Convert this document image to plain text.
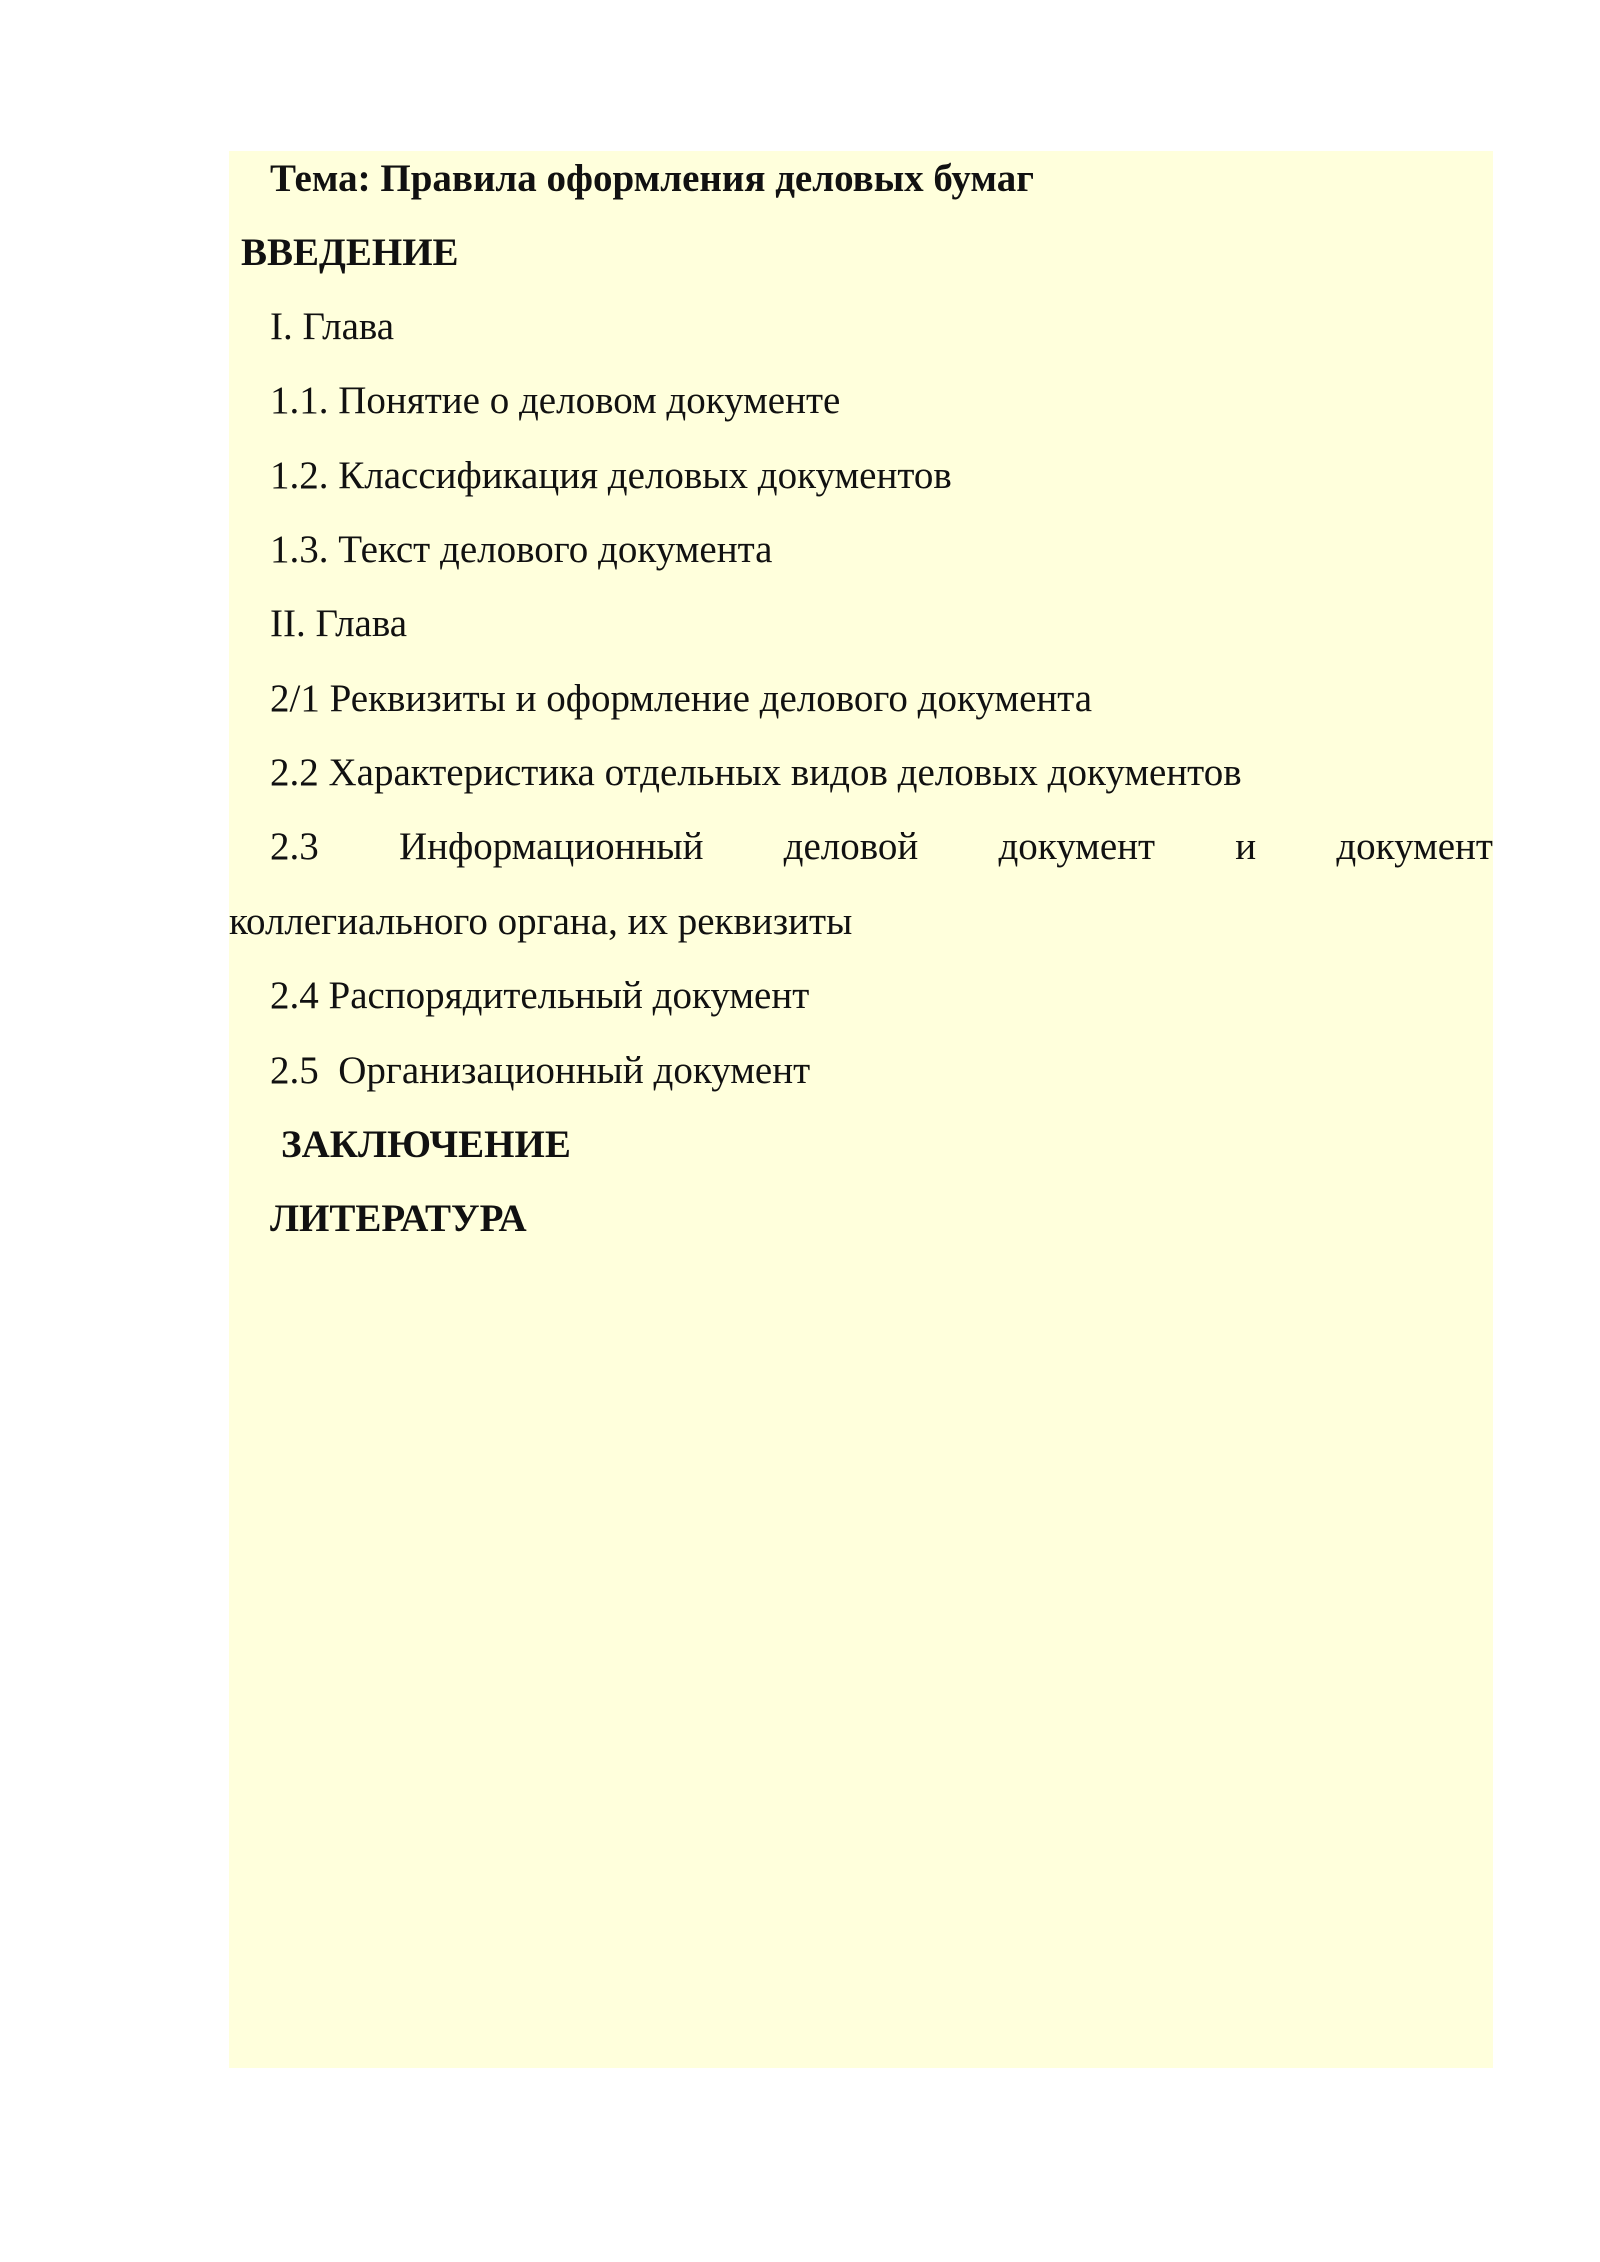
Тема: Правила оформления деловых бумаг
ВВЕДЕНИЕ
I. Глава
1.1. Понятие о деловом документе
1.2. Классификация деловых документов
1.3. Текст делового документа
II. Глава
2/1 Реквизиты и оформление делового документа
2.2 Характеристика отдельных видов деловых документов
2.3 Информационный деловой документ и документ
коллегиального органа, их реквизиты
2.4 Распорядительный документ
2.5  Организационный документ
ЗАКЛЮЧЕНИЕ
ЛИТЕРАТУРА
